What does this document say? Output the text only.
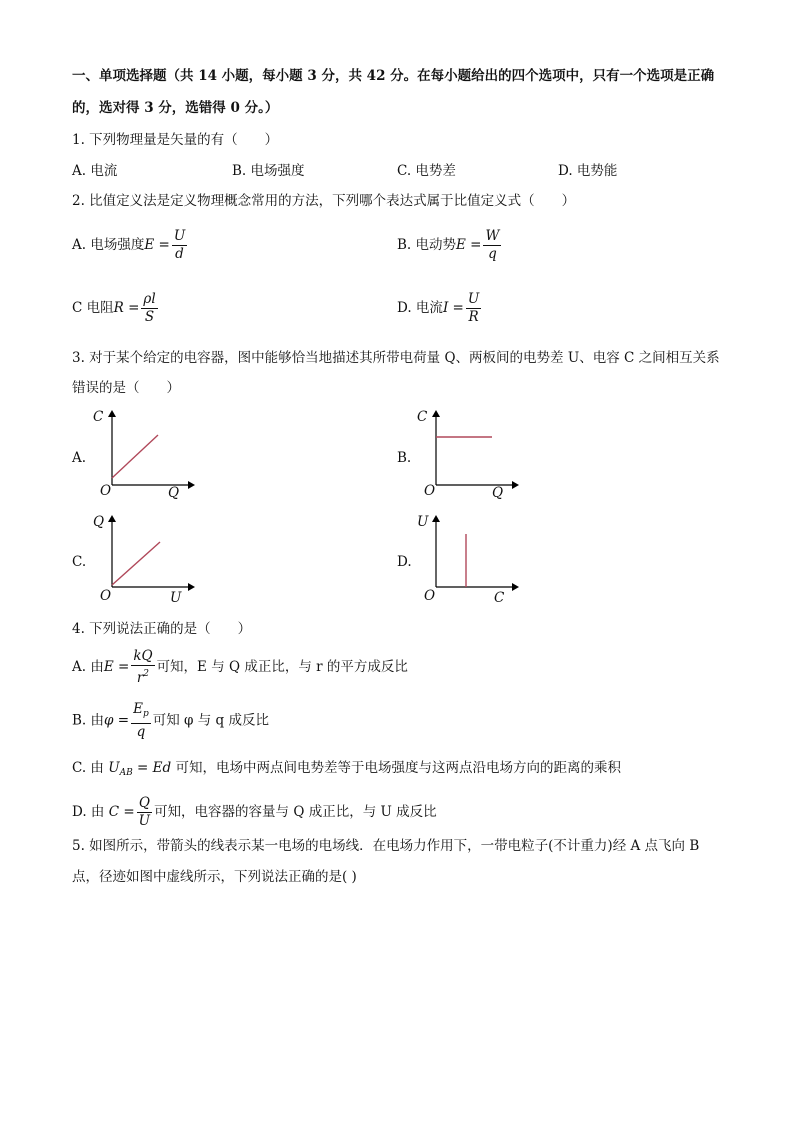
一、单项选择题（共 14 小题，每小题 3 分，共 42 分。在每小题给出的四个选项中，只有一个选项是正确
的，选对得 3 分，选错得 0 分。）
1. 下列物理量是矢量的有（　　）
A. 电流	B. 电场强度	C. 电势差	D. 电势能
2. 比值定义法是定义物理概念常用的方法，下列哪个表达式属于比值定义式（　　）
A. 电场强度$E = \frac{U}{d}$	B. 电动势$E = \frac{W}{q}$
C 电阻$R = \frac{\rho l}{S}$	D. 电流$I = \frac{U}{R}$
3. 对于某个给定的电容器，图中能够恰当地描述其所带电荷量 Q、两板间的电势差 U、电容 C 之间相互关系
错误的是（　　）
A.
C
O	Q
B.
C
O	Q
C.
Q
O	U
D.
U
O	C
4. 下列说法正确的是（　　）
A. 由$E = \frac{kQ}{r^2}$ 可知，E 与 Q 成正比，与 r 的平方成反比
B. 由$\varphi = \frac{E_p}{q}$ 可知 φ 与 q 成反比
C. 由 $U_{AB} = Ed$ 可知，电场中两点间电势差等于电场强度与这两点沿电场方向的距离的乘积
D. 由 $C = \frac{Q}{U}$ 可知，电容器的容量与 Q 成正比，与 U 成反比
5. 如图所示，带箭头的线表示某一电场的电场线．在电场力作用下，一带电粒子(不计重力)经 A 点飞向 B
点，径迹如图中虚线所示，下列说法正确的是( )
